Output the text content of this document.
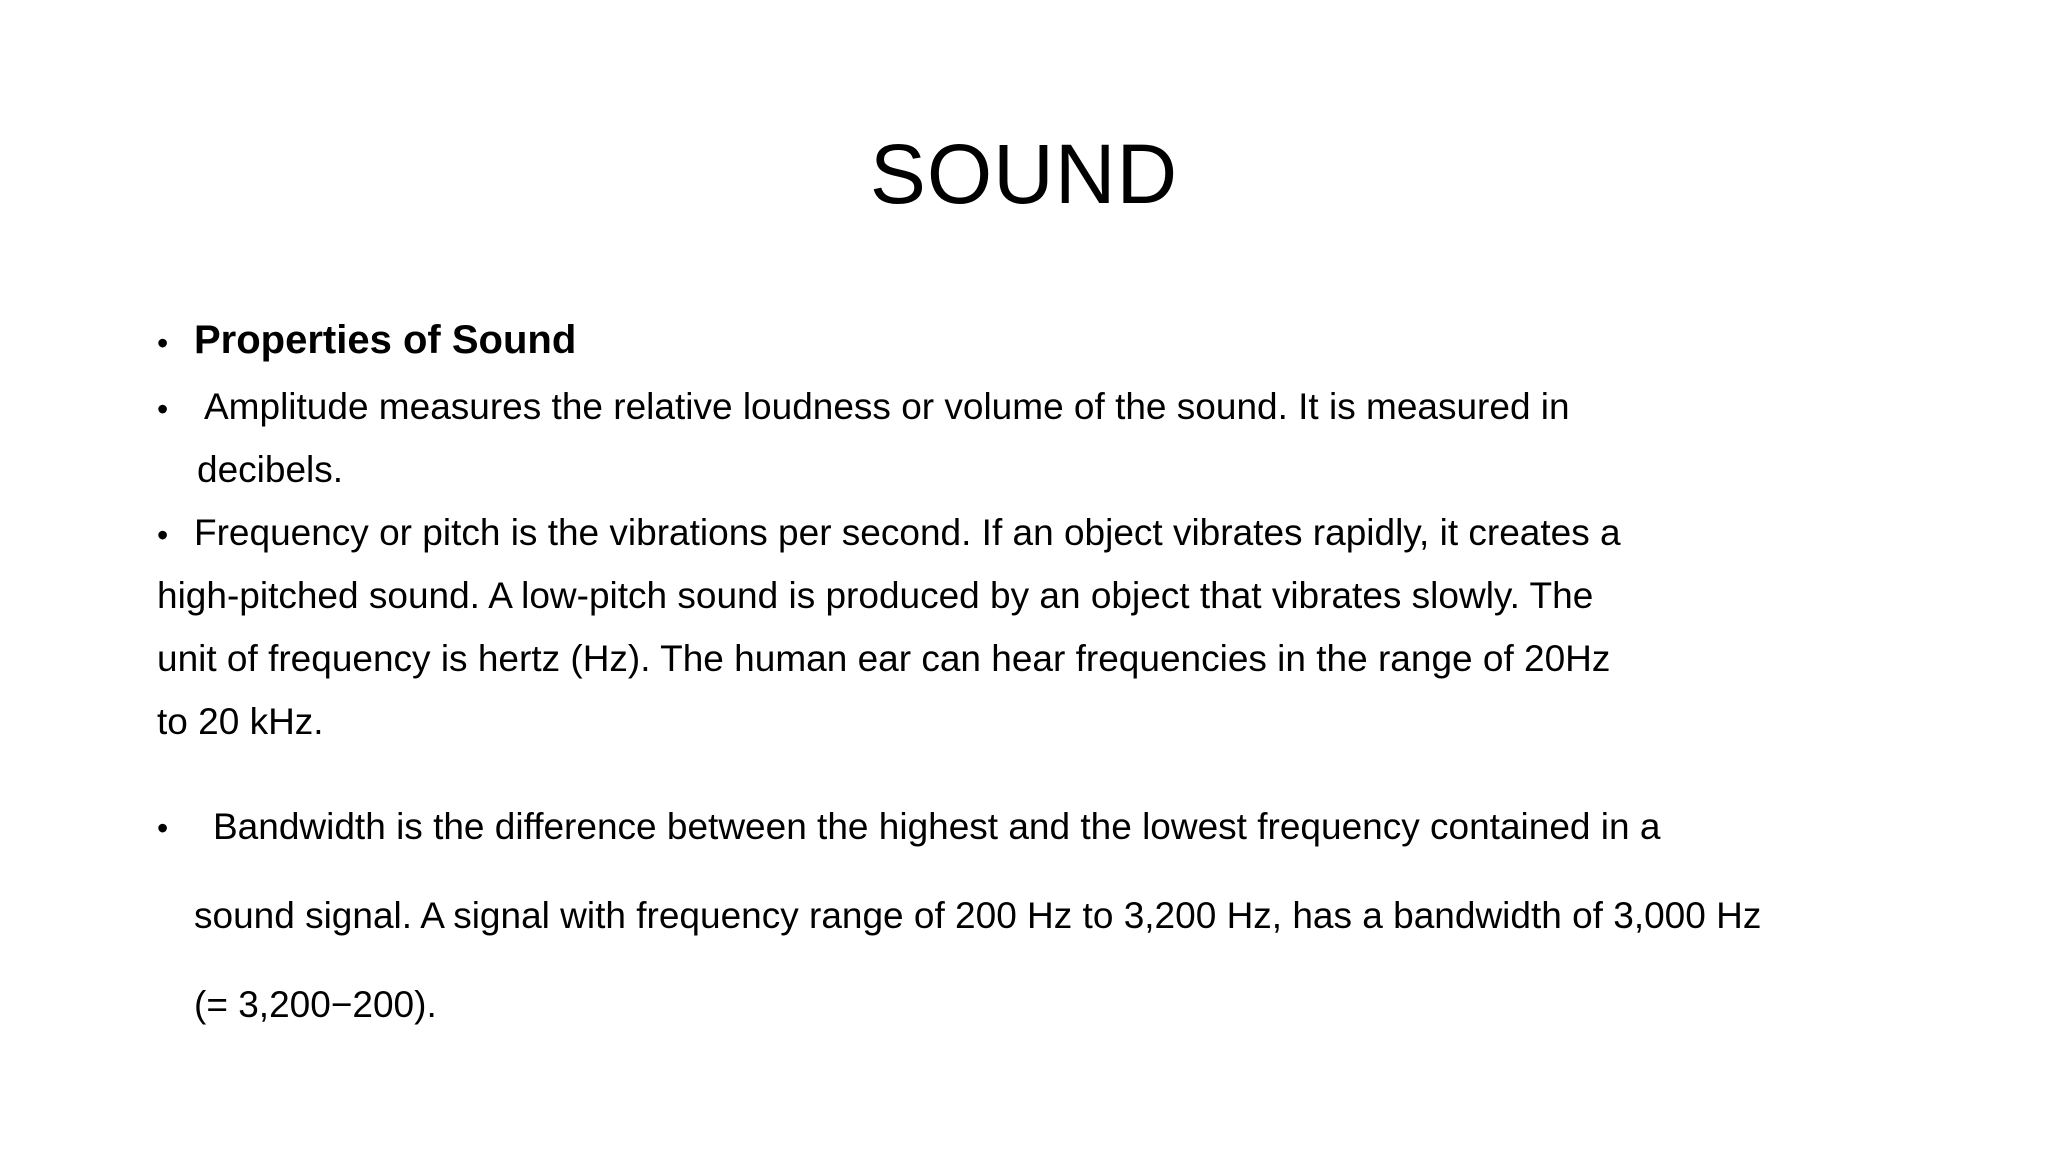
SOUND
• Properties of Sound
• Amplitude measures the relative loudness or volume of the sound. It is measured in
decibels.
• Frequency or pitch is the vibrations per second. If an object vibrates rapidly, it creates a
high-pitched sound. A low-pitch sound is produced by an object that vibrates slowly. The
unit of frequency is hertz (Hz). The human ear can hear frequencies in the range of 20Hz
to 20 kHz.
• Bandwidth is the difference between the highest and the lowest frequency contained in a
sound signal. A signal with frequency range of 200 Hz to 3,200 Hz, has a bandwidth of 3,000 Hz
(= 3,200−200).
